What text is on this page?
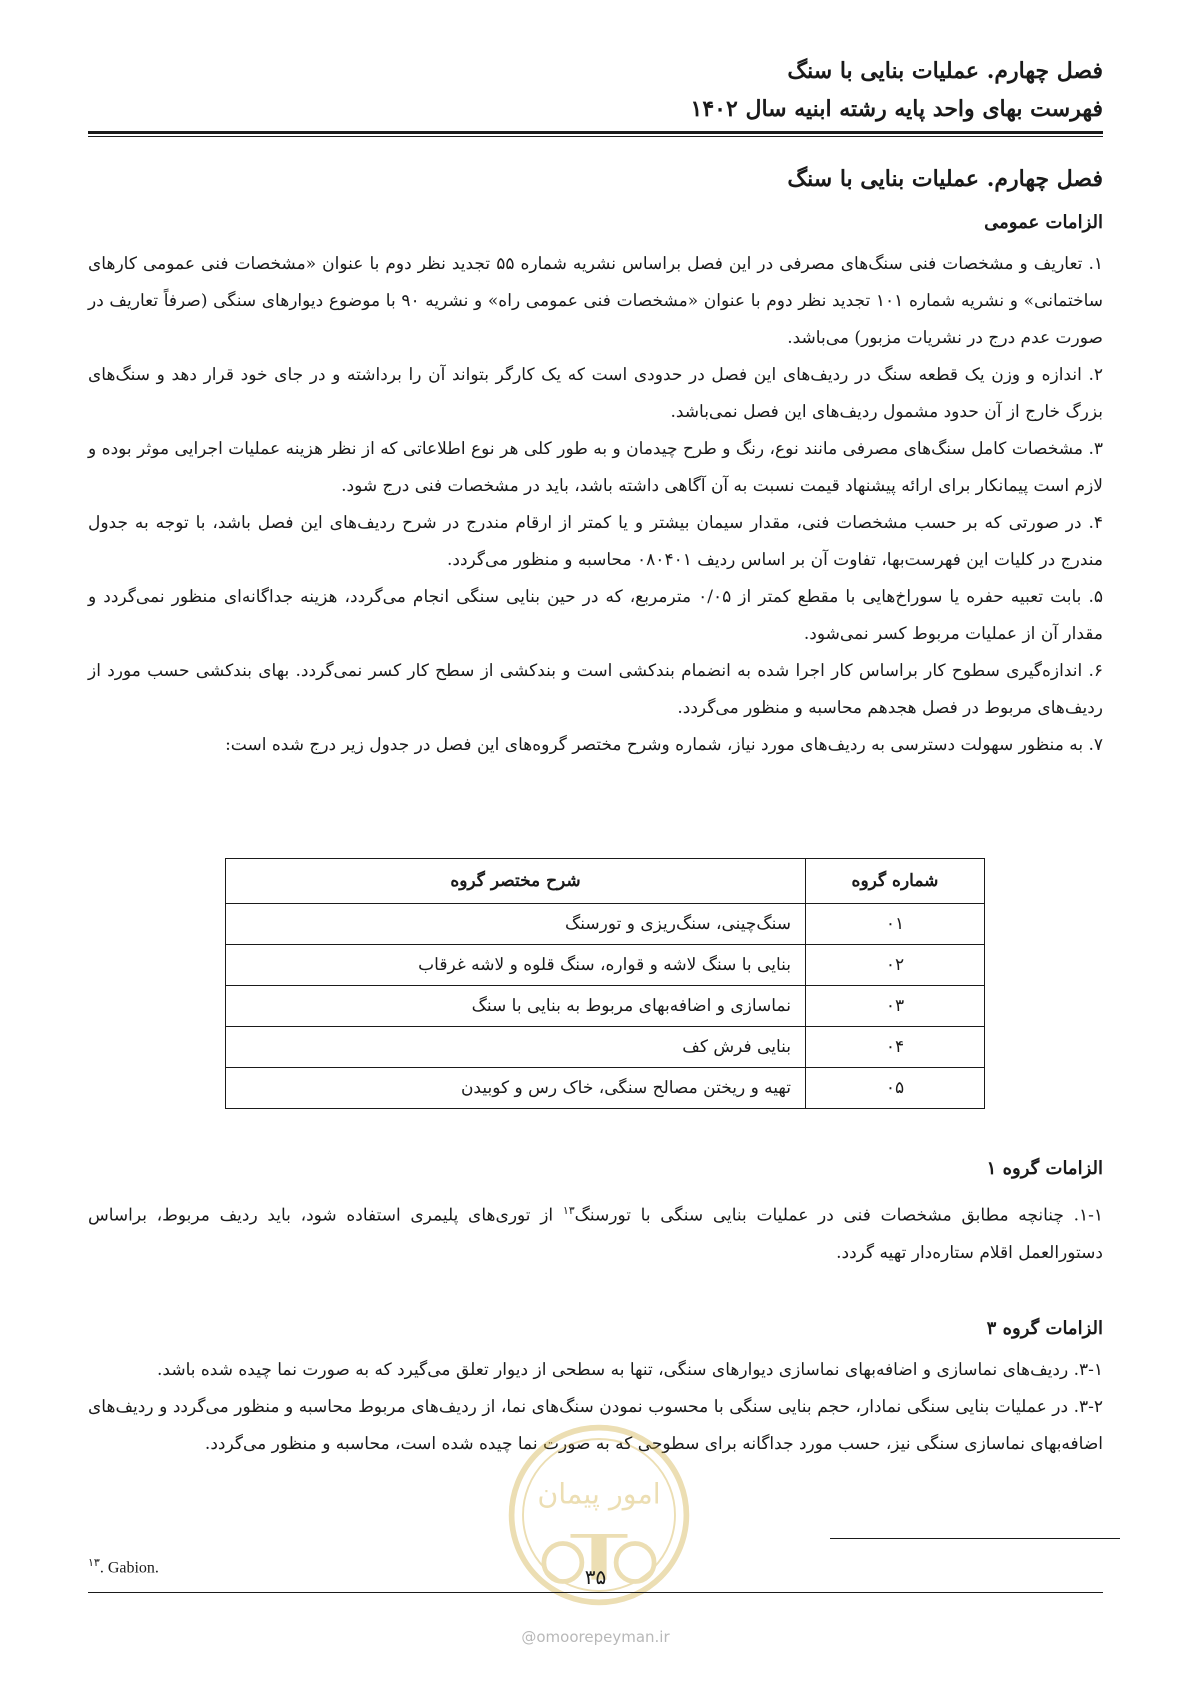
فصل چهارم. عملیات بنایی با سنگ
فهرست بهای واحد پایه رشته ابنیه سال ۱۴۰۲
فصل چهارم. عملیات بنایی با سنگ
الزامات عمومی

۱. تعاریف و مشخصات فنی سنگ‌های مصرفی در این فصل براساس نشریه شماره ۵۵ تجدید نظر دوم با عنوان «مشخصات فنی عمومی کارهای ساختمانی» و نشریه شماره ۱۰۱ تجدید نظر دوم با عنوان «مشخصات فنی عمومی راه» و نشریه ۹۰ با موضوع دیوارهای سنگی (صرفاً تعاریف در صورت عدم درج در نشریات مزبور) می‌باشد.

۲. اندازه و وزن یک قطعه سنگ در ردیف‌های این فصل در حدودی است که یک کارگر بتواند آن را برداشته و در جای خود قرار دهد و سنگ‌های بزرگ خارج از آن حدود مشمول ردیف‌های این فصل نمی‌باشد.

۳. مشخصات کامل سنگ‌های مصرفی مانند نوع، رنگ و طرح چیدمان و به طور کلی هر نوع اطلاعاتی که از نظر هزینه عملیات اجرایی موثر بوده و لازم است پیمانکار برای ارائه پیشنهاد قیمت نسبت به آن آگاهی داشته باشد، باید در مشخصات فنی درج شود.

۴. در صورتی که بر حسب مشخصات فنی، مقدار سیمان بیشتر و یا کمتر از ارقام مندرج در شرح ردیف‌های این فصل باشد، با توجه به جدول مندرج در کلیات این فهرست‌بها، تفاوت آن بر اساس ردیف ۰۸۰۴۰۱ محاسبه و منظور می‌گردد.

۵. بابت تعبیه حفره یا سوراخ‌هایی با مقطع کمتر از ۰/۰۵ مترمربع، که در حین بنایی سنگی انجام می‌گردد، هزینه جداگانه‌ای منظور نمی‌گردد و مقدار آن از عملیات مربوط کسر نمی‌شود.

۶. اندازه‌گیری سطوح کار براساس کار اجرا شده به انضمام بندکشی است و بندکشی از سطح کار کسر نمی‌گردد. بهای بندکشی حسب مورد از ردیف‌های مربوط در فصل هجدهم محاسبه و منظور می‌گردد.

۷. به منظور سهولت دسترسی به ردیف‌های مورد نیاز، شماره وشرح مختصر گروه‌های این فصل در جدول زیر درج شده است:

شماره گروه	شرح مختصر گروه
۰۱	سنگ‌چینی، سنگ‌ریزی و تورسنگ
۰۲	بنایی با سنگ لاشه و قواره، سنگ قلوه و لاشه غرقاب
۰۳	نماسازی و اضافه‌بهای مربوط به بنایی با سنگ
۰۴	بنایی فرش کف
۰۵	تهیه و ریختن مصالح سنگی، خاک رس و کوبیدن
الزامات گروه ۱

۱-۱. چنانچه مطابق مشخصات فنی در عملیات بنایی سنگی با تورسنگ$^{۱۳}$ از توری‌های پلیمری استفاده شود، باید ردیف مربوط، براساس دستورالعمل اقلام ستاره‌دار تهیه گردد.

الزامات گروه ۳

۳-۱. ردیف‌های نماسازی و اضافه‌بهای نماسازی دیوارهای سنگی، تنها به سطحی از دیوار تعلق می‌گیرد که به صورت نما چیده شده باشد.

۳-۲. در عملیات بنایی سنگی نمادار، حجم بنایی سنگی با محسوب نمودن سنگ‌های نما، از ردیف‌های مربوط محاسبه و منظور می‌گردد و ردیف‌های اضافه‌بهای نماسازی سنگی نیز، حسب مورد جداگانه برای سطوحی که به صورت نما چیده شده است، محاسبه و منظور می‌گردد.

امور پیمان
$^{۱۳}$. Gabion.	۳۵
@omoorepeyman.ir
